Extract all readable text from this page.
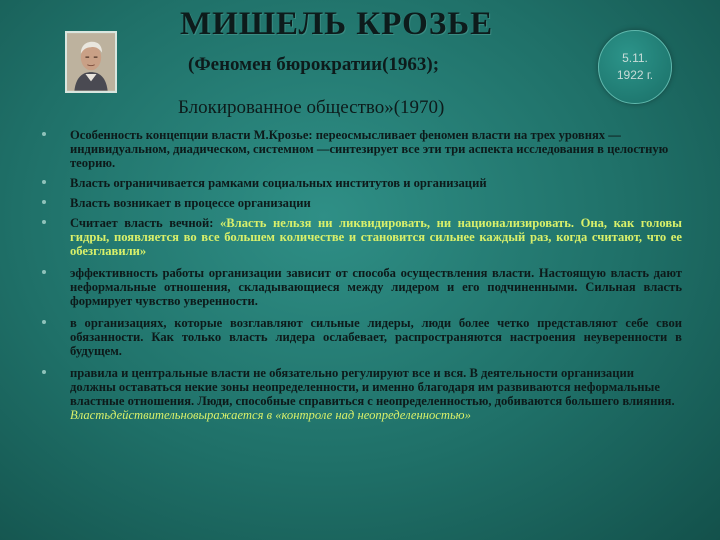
МИШЕЛЬ КРОЗЬЕ
(Феномен бюрократии(1963);
Блокированное общество»(1970)
5.11.
1922 г.
Особенность концепции власти М.Крозье: переосмысливает феномен власти на трех уровнях — индивидуальном, диадическом, системном —синтезирует все эти три аспекта исследования в целостную теорию.
Власть ограничивается рамками социальных институтов и организаций
Власть возникает в процессе организации
Считает власть вечной: «Власть нельзя ни ликвидировать, ни национализировать. Она, как головы гидры, появляется во все большем количестве и становится сильнее каждый раз, когда считают, что ее обезглавили»
эффективность работы организации зависит от способа осуществления власти. Настоящую власть дают неформальные отношения, складывающиеся между лидером и его подчиненными. Сильная власть формирует чувство уверенности.
в организациях, которые возглавляют сильные лидеры, люди более четко представляют себе свои обязанности. Как только власть лидера ослабевает, распространяются настроения неуверенности в будущем.
правила и центральные власти не обязательно регулируют все и вся. В деятельности организации должны оставаться некие зоны неопределенности, и именно благодаря им развиваются неформальные властные отношения. Люди, способные справиться с неопределенностью, добиваются большего влияния. Властьдействительновыражается в «контроле над неопределенностью»
